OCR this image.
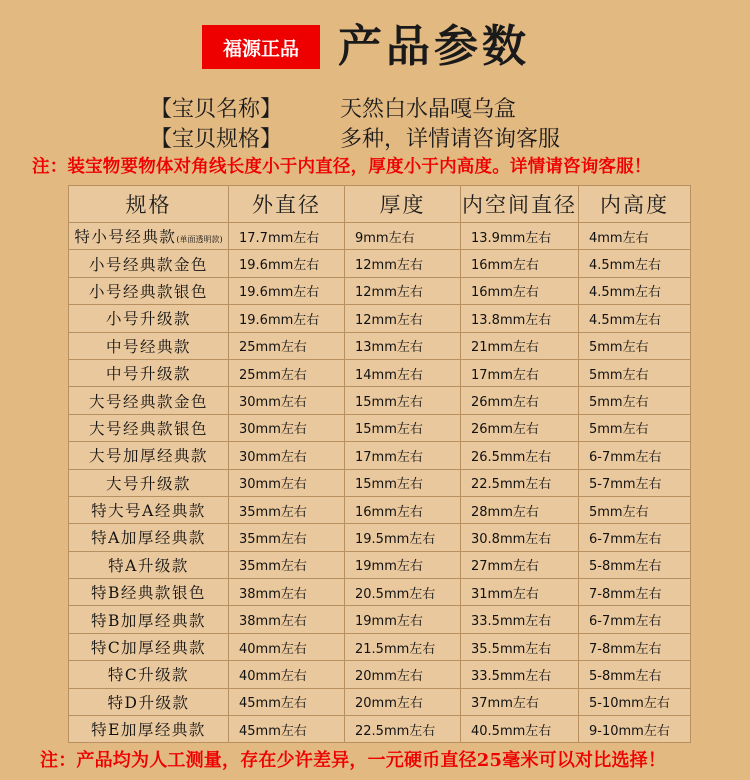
福源正品 产品参数
【宝贝名称】	天然白水晶嘎乌盒
【宝贝规格】	多种，详情请咨询客服
注：装宝物要物体对角线长度小于内直径，厚度小于内高度。详情请咨询客服！
规格	外直径	厚度	内空间直径	内高度
特小号经典款(单面透明款)	17.7mm左右	9mm左右	13.9mm左右	4mm左右
小号经典款金色	19.6mm左右	12mm左右	16mm左右	4.5mm左右
小号经典款银色	19.6mm左右	12mm左右	16mm左右	4.5mm左右
小号升级款	19.6mm左右	12mm左右	13.8mm左右	4.5mm左右
中号经典款	25mm左右	13mm左右	21mm左右	5mm左右
中号升级款	25mm左右	14mm左右	17mm左右	5mm左右
大号经典款金色	30mm左右	15mm左右	26mm左右	5mm左右
大号经典款银色	30mm左右	15mm左右	26mm左右	5mm左右
大号加厚经典款	30mm左右	17mm左右	26.5mm左右	6-7mm左右
大号升级款	30mm左右	15mm左右	22.5mm左右	5-7mm左右
特大号A经典款	35mm左右	16mm左右	28mm左右	5mm左右
特A加厚经典款	35mm左右	19.5mm左右	30.8mm左右	6-7mm左右
特A升级款	35mm左右	19mm左右	27mm左右	5-8mm左右
特B经典款银色	38mm左右	20.5mm左右	31mm左右	7-8mm左右
特B加厚经典款	38mm左右	19mm左右	33.5mm左右	6-7mm左右
特C加厚经典款	40mm左右	21.5mm左右	35.5mm左右	7-8mm左右
特C升级款	40mm左右	20mm左右	33.5mm左右	5-8mm左右
特D升级款	45mm左右	20mm左右	37mm左右	5-10mm左右
特E加厚经典款	45mm左右	22.5mm左右	40.5mm左右	9-10mm左右
注：产品均为人工测量，存在少许差异，一元硬币直径25毫米可以对比选择！
